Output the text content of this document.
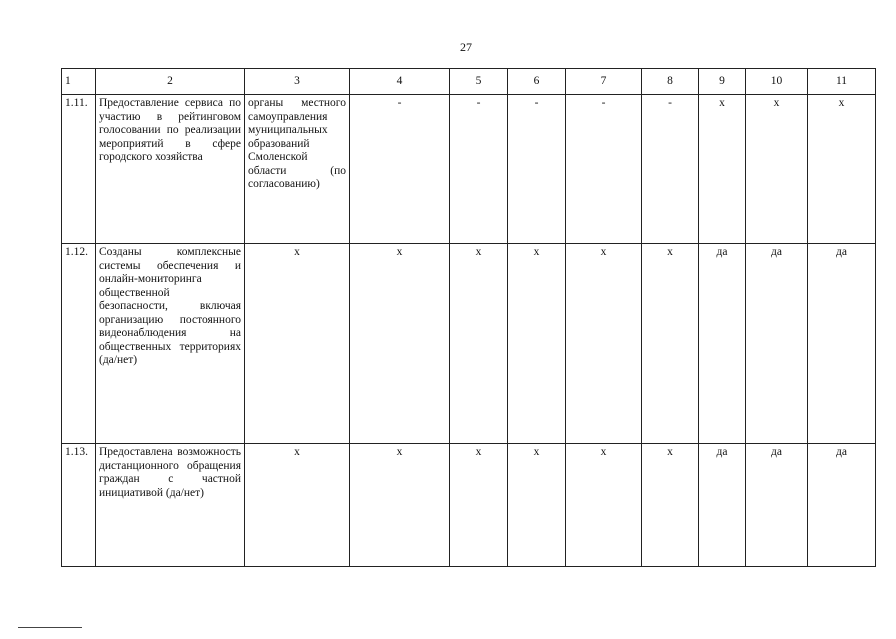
27
1	2	3	4	5	6	7	8	9	10	11
1.11.	Предоставление сервиса по участию в рейтинговом голосовании по реализации мероприятий в сфере городского хозяйства	органы местного самоуправления муниципальных образований Смоленской области (по согласованию)	-	-	-	-	-	х	х	х
1.12.	Созданы комплексные системы обеспечения и онлайн-мониторинга общественной безопасности, включая организацию постоянного видеонаблюдения на общественных территориях (да/нет)	х	х	х	х	х	х	да	да	да
1.13.	Предоставлена возможность дистанционного обращения граждан с частной инициативой (да/нет)	х	х	х	х	х	х	да	да	да
